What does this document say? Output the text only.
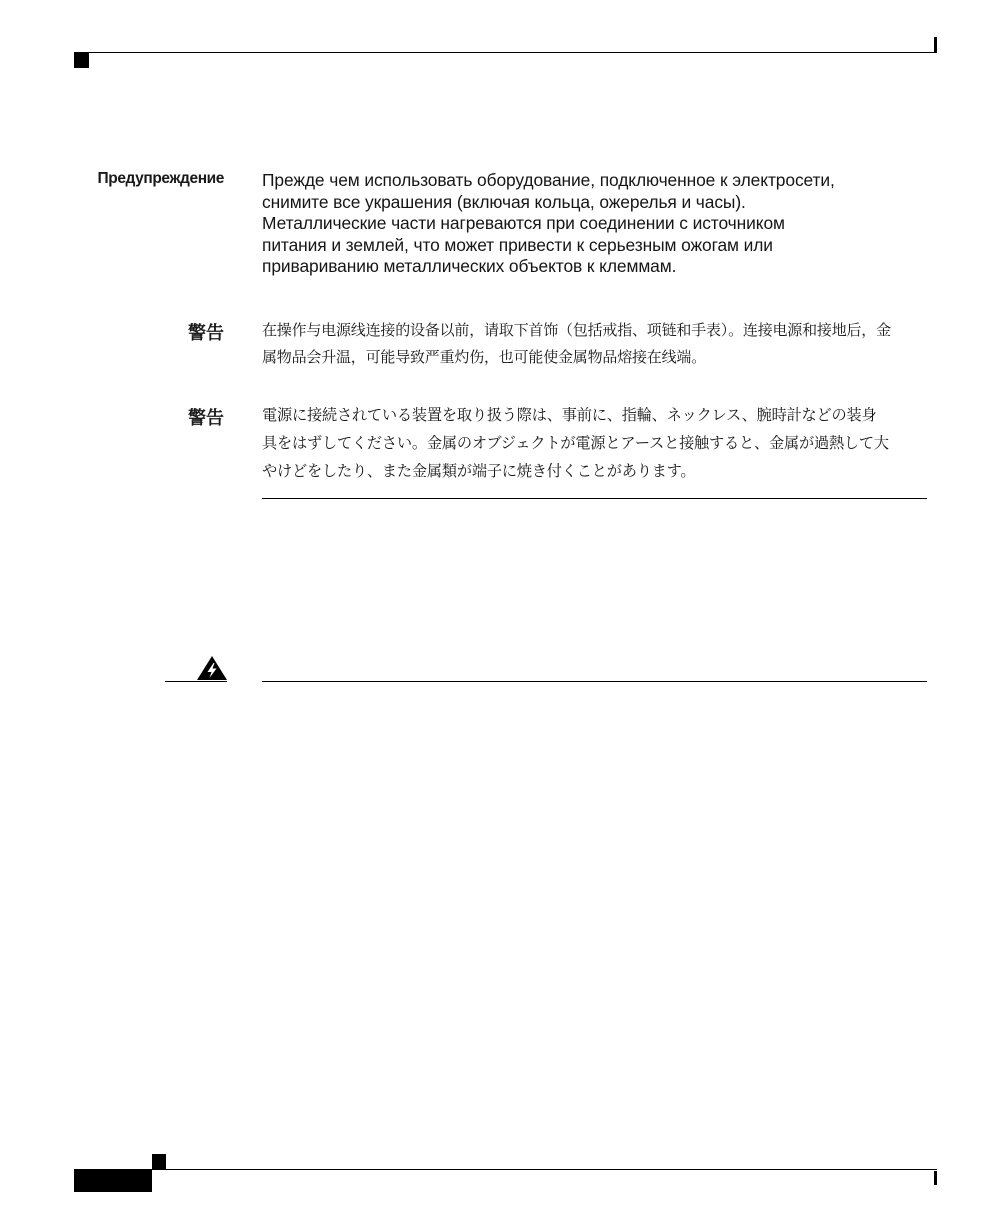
Предупреждение Прежде чем использовать оборудование, подключенное к электросети,
снимите все украшения (включая кольца, ожерелья и часы).
Металлические части нагреваются при соединении с источником
питания и землей, что может привести к серьезным ожогам или
привариванию металлических объектов к клеммам.
警告	在操作与电源线连接的设备以前，请取下首饰（包括戒指、项链和手表）。连接电源和接地后，金
属物品会升温，可能导致严重灼伤，也可能使金属物品熔接在线端。
警告	電源に接続されている装置を取り扱う際は、事前に、指輪、ネックレス、腕時計などの装身
具をはずしてください。金属のオブジェクトが電源とアースと接触すると、金属が過熱して大
やけどをしたり、また金属類が端子に焼き付くことがあります。
